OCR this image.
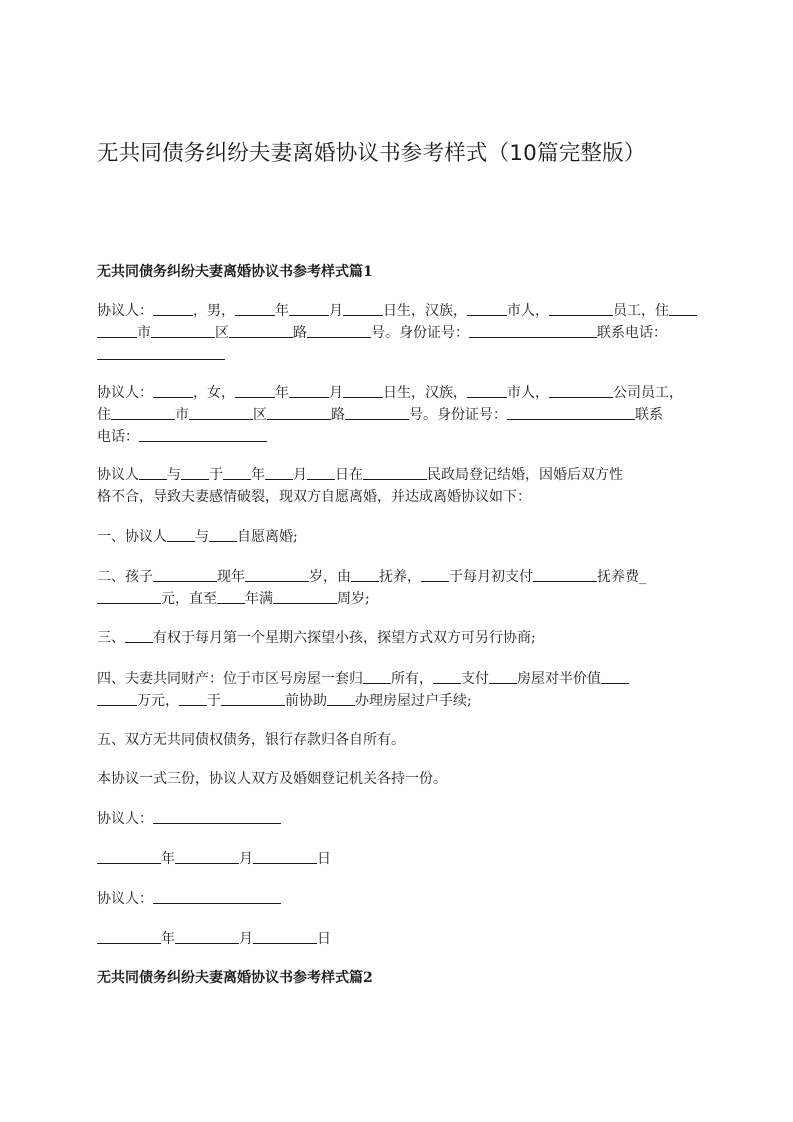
无共同债务纠纷夫妻离婚协议书参考样式（10篇完整版）
无共同债务纠纷夫妻离婚协议书参考样式篇1
协议人：	，男，	年	月	日生，汉族，	市人，	员工，住
市	区	路	号。身份证号：	联系电话：
协议人：	，女，	年	月	日生，汉族，	市人，	公司员工，
住	市	区	路	号。身份证号：	联系
电话：
协议人 与 于 年 月 日在	民政局登记结婚，因婚后双方性
格不合，导致夫妻感情破裂，现双方自愿离婚，并达成离婚协议如下：
一、协议人 与 自愿离婚;
二、孩子	现年	岁，由 抚养， 于每月初支付	抚养费_
元，直至 年满	周岁;
三、 有权于每月第一个星期六探望小孩，探望方式双方可另行协商;
四、夫妻共同财产：位于市区号房屋一套归 所有， 支付 房屋对半价值
万元， 于	前协助 办理房屋过户手续;
五、双方无共同债权债务，银行存款归各自所有。
本协议一式三份，协议人双方及婚姻登记机关各持一份。
协议人：
年	月	日
协议人：
年	月	日
无共同债务纠纷夫妻离婚协议书参考样式篇2
